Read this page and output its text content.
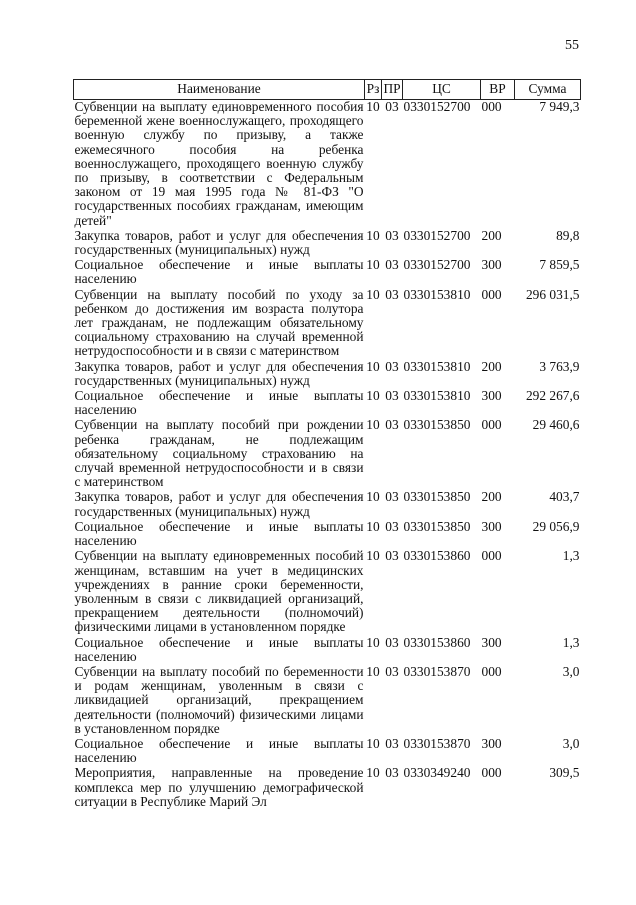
55
Наименование	Рз	ПР	ЦС	ВР	Сумма
Субвенции на выплату единовременного пособия беременной жене военнослужащего, проходящего военную службу по призыву, а также ежемесячного пособия на ребенка военнослужащего, проходящего военную службу по призыву, в соответствии с Федеральным законом от 19 мая 1995 года № 81-ФЗ "О государственных пособиях гражданам, имеющим детей"	10	03	0330152700	000	7 949,3
Закупка товаров, работ и услуг для обеспечения государственных (муниципальных) нужд	10	03	0330152700	200	89,8
Социальное обеспечение и иные выплаты населению	10	03	0330152700	300	7 859,5
Субвенции на выплату пособий по уходу за ребенком до достижения им возраста полутора лет гражданам, не подлежащим обязательному социальному страхованию на случай временной нетрудоспособности и в связи с материнством	10	03	0330153810	000	296 031,5
Закупка товаров, работ и услуг для обеспечения государственных (муниципальных) нужд	10	03	0330153810	200	3 763,9
Социальное обеспечение и иные выплаты населению	10	03	0330153810	300	292 267,6
Субвенции на выплату пособий при рождении ребенка гражданам, не подлежащим обязательному социальному страхованию на случай временной нетрудоспособности и в связи с материнством	10	03	0330153850	000	29 460,6
Закупка товаров, работ и услуг для обеспечения государственных (муниципальных) нужд	10	03	0330153850	200	403,7
Социальное обеспечение и иные выплаты населению	10	03	0330153850	300	29 056,9
Субвенции на выплату единовременных пособий женщинам, вставшим на учет в медицинских учреждениях в ранние сроки беременности, уволенным в связи с ликвидацией организаций, прекращением деятельности (полномочий) физическими лицами в установленном порядке	10	03	0330153860	000	1,3
Социальное обеспечение и иные выплаты населению	10	03	0330153860	300	1,3
Субвенции на выплату пособий по беременности и родам женщинам, уволенным в связи с ликвидацией организаций, прекращением деятельности (полномочий) физическими лицами в установленном порядке	10	03	0330153870	000	3,0
Социальное обеспечение и иные выплаты населению	10	03	0330153870	300	3,0
Мероприятия, направленные на проведение комплекса мер по улучшению демографической ситуации в Республике Марий Эл	10	03	0330349240	000	309,5
